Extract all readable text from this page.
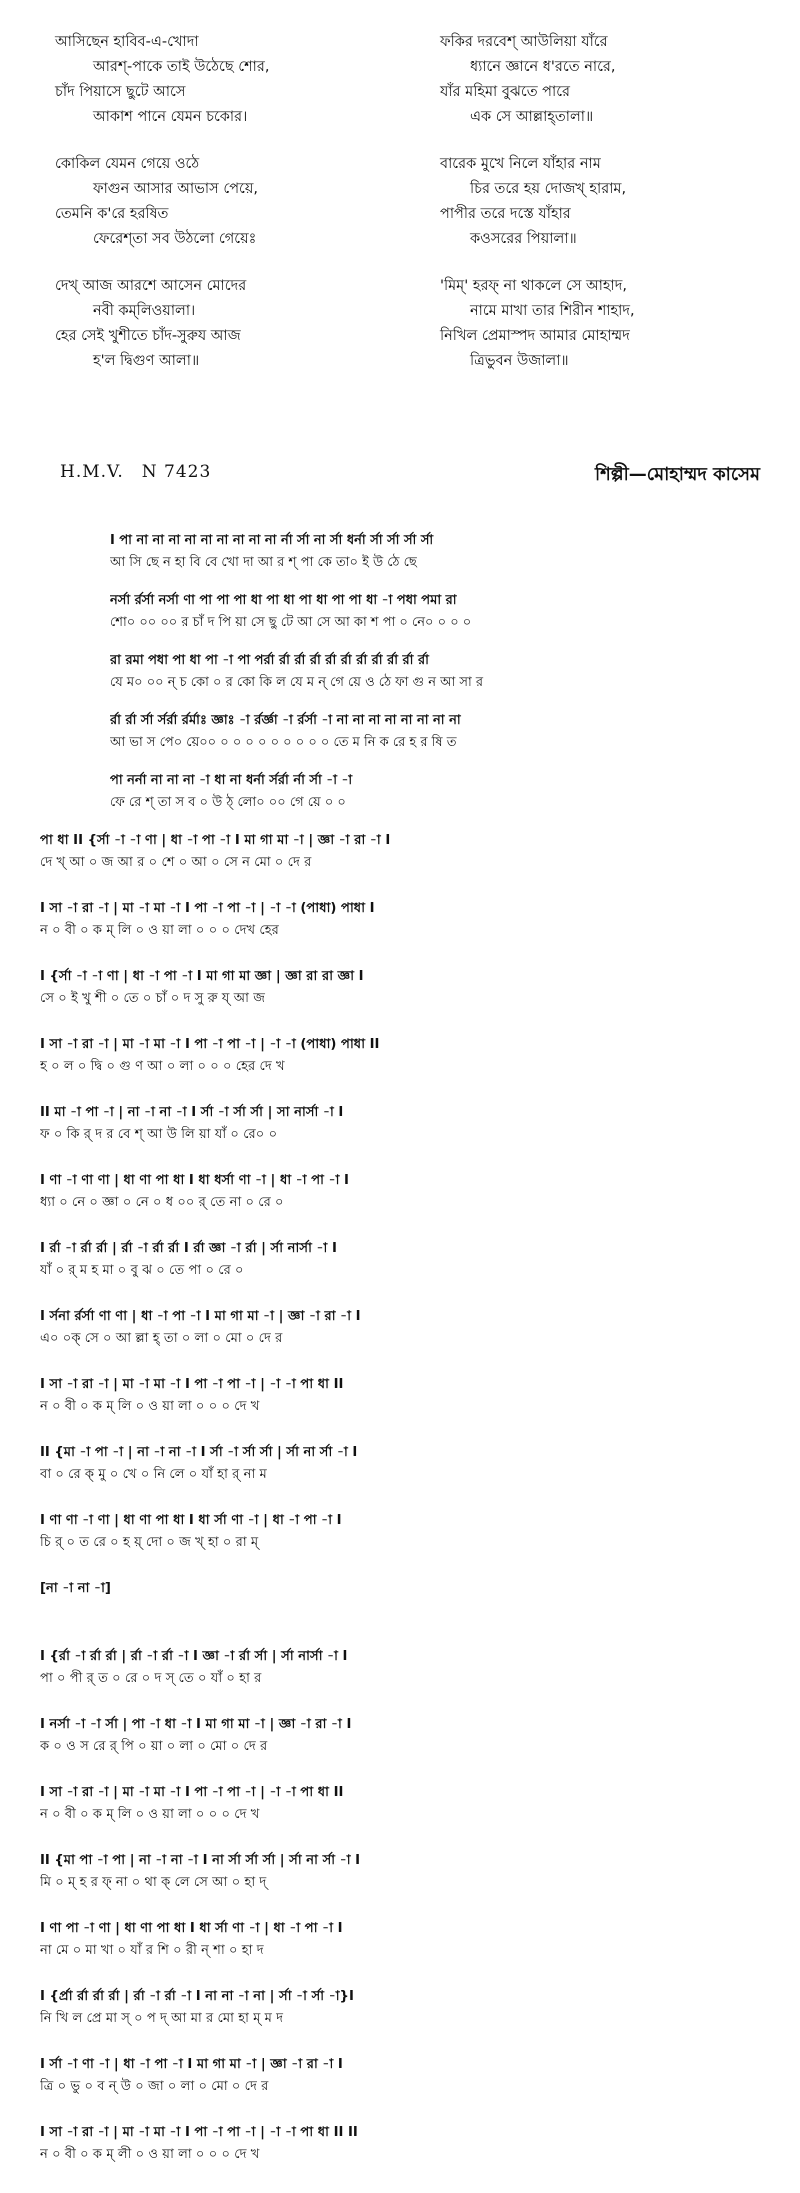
আসিছেন হাবিব-এ-খোদা
আরশ্-পাকে তাই উঠেছে শোর,
চাঁদ পিয়াসে ছুটে আসে
আকাশ পানে যেমন চকোর।
কোকিল যেমন গেয়ে ওঠে
ফাগুন আসার আভাস পেয়ে,
তেমনি ক'রে হরষিত
ফেরেশ্‌তা সব উঠলো গেয়েঃ
দেখ্‌ আজ আরশে আসেন মোদের
নবী কম্‌লিওয়ালা।
হের সেই খুশীতে চাঁদ-সুরুয আজ
হ'ল দ্বিগুণ আলা॥
ফকির দরবেশ্‌ আউলিয়া যাঁরে
ধ্যানে জ্ঞানে ধ'রতে নারে,
যাঁর মহিমা বুঝতে পারে
এক সে আল্লাহ্‌তালা॥
বারেক মুখে নিলে যাঁহার নাম
চির তরে হয় দোজখ্‌ হারাম,
পাপীর তরে দস্তে যাঁহার
কওসরের পিয়ালা॥
'মিম্‌' হরফ্‌ না থাকলে সে আহাদ,
নামে মাখা তার শিরীন শাহাদ,
নিখিল প্রেমাস্পদ আমার মোহাম্মদ
ত্রিভুবন উজালা॥
H.M.V. N 7423	শিল্পী—মোহাম্মদ কাসেম
I পা না না না না না না না না না র্না র্সা না র্সা ধর্না র্সা র্সা র্সা র্সা
আ সি ছে ন হা বি বে খো দা আ র শ্‌ পা কে তা০ ই উ ঠে ছে
নর্সা র্রর্সা নর্সা ণা পা পা পা ধা পা ধা পা ধা পা পা ধা -া পধা পমা রা
শো০ ০০ ০০ র চাঁ দ পি য়া সে ছু টে আ সে আ কা শ পা ০ নে০ ০ ০ ০
রা রমা পধা পা ধা পা -া পা পর্রা র্রা র্রা র্রা র্রা র্রা র্রা র্রা র্রা র্রা র্রা
যে ম০ ০০ ন্‌ চ কো ০ র কো কি ল যে ম ন্‌ গে য়ে ও ঠে ফা গু ন আ সা র
র্রা র্রা র্সা র্সর্রা র্রর্মাঃ জ্ঞাঃ -া র্রর্জ্ঞা -া র্রর্সা -া না না না না না না না না
আ ভা স পে০ য়ে০০ ০ ০ ০ ০ ০ ০ ০ ০ ০ তে ম নি ক রে হ র ষি ত
পা নর্না না না না -া ধা না ধর্না র্সর্রা র্না র্সা -া -া
ফে রে শ্‌ তা স ব ০ উ ঠ্‌ লো০ ০০ গে য়ে ০ ০
পা ধা II {র্সা -া -া ণা | ধা -া পা -া I মা গা মা -া | জ্ঞা -া রা -া I
দে খ্‌ আ ০ জ আ র ০ শে ০ আ ০ সে ন মো ০ দে র
I সা -া রা -া | মা -া মা -া I পা -া পা -া | -া -া (পাধা) পাধা I
ন ০ বী ০ ক ম্‌ লি ০ ও য়া লা ০ ০ ০ দেখ হের
I {র্সা -া -া ণা | ধা -া পা -া I মা গা মা জ্ঞা | জ্ঞা রা রা জ্ঞা I
সে ০ ই খু শী ০ তে ০ চাঁ ০ দ সু রু য্‌ আ জ
I সা -া রা -া | মা -া মা -া I পা -া পা -া | -া -া (পাধা) পাধা II
হ ০ ল ০ দ্বি ০ গু ণ আ ০ লা ০ ০ ০ হের দে খ
II মা -া পা -া | না -া না -া I র্সা -া র্সা র্সা | সা নার্সা -া I
ফ ০ কি র্‌ দ র বে শ্‌ আ উ লি য়া যাঁ ০ রে০ ০
I ণা -া ণা ণা | ধা ণা পা ধা I ধা ধর্সা ণা -া | ধা -া পা -া I
ধ্যা ০ নে ০ জ্ঞা ০ নে ০ ধ ০০ র্‌ তে না ০ রে ০
I র্রা -া র্রা র্রা | র্রা -া র্রা র্রা I র্রা জ্ঞা -া র্রা | র্সা নার্সা -া I
যাঁ ০ র্‌ ম হ মা ০ বু ঝ ০ তে পা ০ রে ০
I র্সনা র্রর্সা ণা ণা | ধা -া পা -া I মা গা মা -া | জ্ঞা -া রা -া I
এ০ ০ক্‌ সে ০ আ ল্লা হ্‌ তা ০ লা ০ মো ০ দে র
I সা -া রা -া | মা -া মা -া I পা -া পা -া | -া -া পা ধা II
ন ০ বী ০ ক ম্‌ লি ০ ও য়া লা ০ ০ ০ দে খ
II {মা -া পা -া | না -া না -া I র্সা -া র্সা র্সা | র্সা না র্সা -া I
বা ০ রে ক্‌ মু ০ খে ০ নি লে ০ যাঁ হা র্‌ না ম
I ণা ণা -া ণা | ধা ণা পা ধা I ধা র্সা ণা -া | ধা -া পা -া I
চি র্‌ ০ ত রে ০ হ য়্‌ দো ০ জ খ্‌ হা ০ রা ম্‌
[না -া না -া]
I {র্রা -া র্রা র্রা | র্রা -া র্রা -া I জ্ঞা -া র্রা র্সা | র্সা নার্সা -া I
পা ০ পী র্‌ ত ০ রে ০ দ স্‌ তে ০ যাঁ ০ হা র
I নর্সা -া -া র্সা | পা -া ধা -া I মা গা মা -া | জ্ঞা -া রা -া I
ক ০ ও স রে র্‌ পি ০ য়া ০ লা ০ মো ০ দে র
I সা -া রা -া | মা -া মা -া I পা -া পা -া | -া -া পা ধা II
ন ০ বী ০ ক ম্‌ লি ০ ও য়া লা ০ ০ ০ দে খ
II {মা পা -া পা | না -া না -া I না র্সা র্সা র্সা | র্সা না র্সা -া I
মি ০ ম্‌ হ র ফ্‌ না ০ থা ক্‌ লে সে আ ০ হা দ্‌
I ণা পা -া ণা | ধা ণা পা ধা I ধা র্সা ণা -া | ধা -া পা -া I
না মে ০ মা খা ০ যাঁ র শি ০ রী ন্‌ শা ০ হা দ
I {র্প্রা র্রা র্রা র্রা | র্রা -া র্রা -া I না না -া না | র্সা -া র্সা -া}I
নি খি ল প্রে মা স্‌ ০ প দ্‌ আ মা র মো হা ম্‌ ম দ
I র্সা -া ণা -া | ধা -া পা -া I মা গা মা -া | জ্ঞা -া রা -া I
ত্রি ০ ভু ০ ব ন্‌ উ ০ জা ০ লা ০ মো ০ দে র
I সা -া রা -া | মা -া মা -া I পা -া পা -া | -া -া পা ধা II II
ন ০ বী ০ ক ম্‌ লী ০ ও য়া লা ০ ০ ০ দে খ
